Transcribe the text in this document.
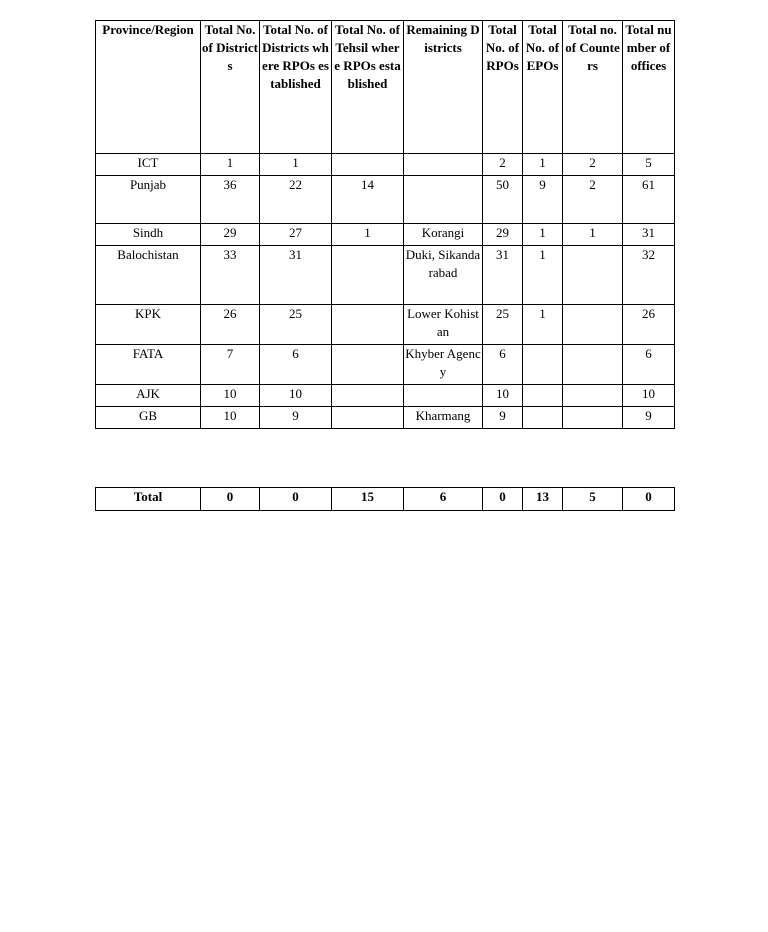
Province/Region	Total No. of Districts	Total No. of Districts where RPOs established	Total No. of Tehsil where RPOs established	Remaining Districts	Total No. of RPOs	Total No. of EPOs	Total no. of Counters	Total number of offices
ICT	1	1			2	1	2	5
Punjab	36	22	14		50	9	2	61
Sindh	29	27	1	Korangi	29	1	1	31
Balochistan	33	31		Duki, Sikandarabad	31	1		32
KPK	26	25		Lower Kohistan	25	1		26
FATA	7	6		Khyber Agency	6			6
AJK	10	10			10			10
GB	10	9		Kharmang	9			9
Total	0	0	15	6	0	13	5	0
